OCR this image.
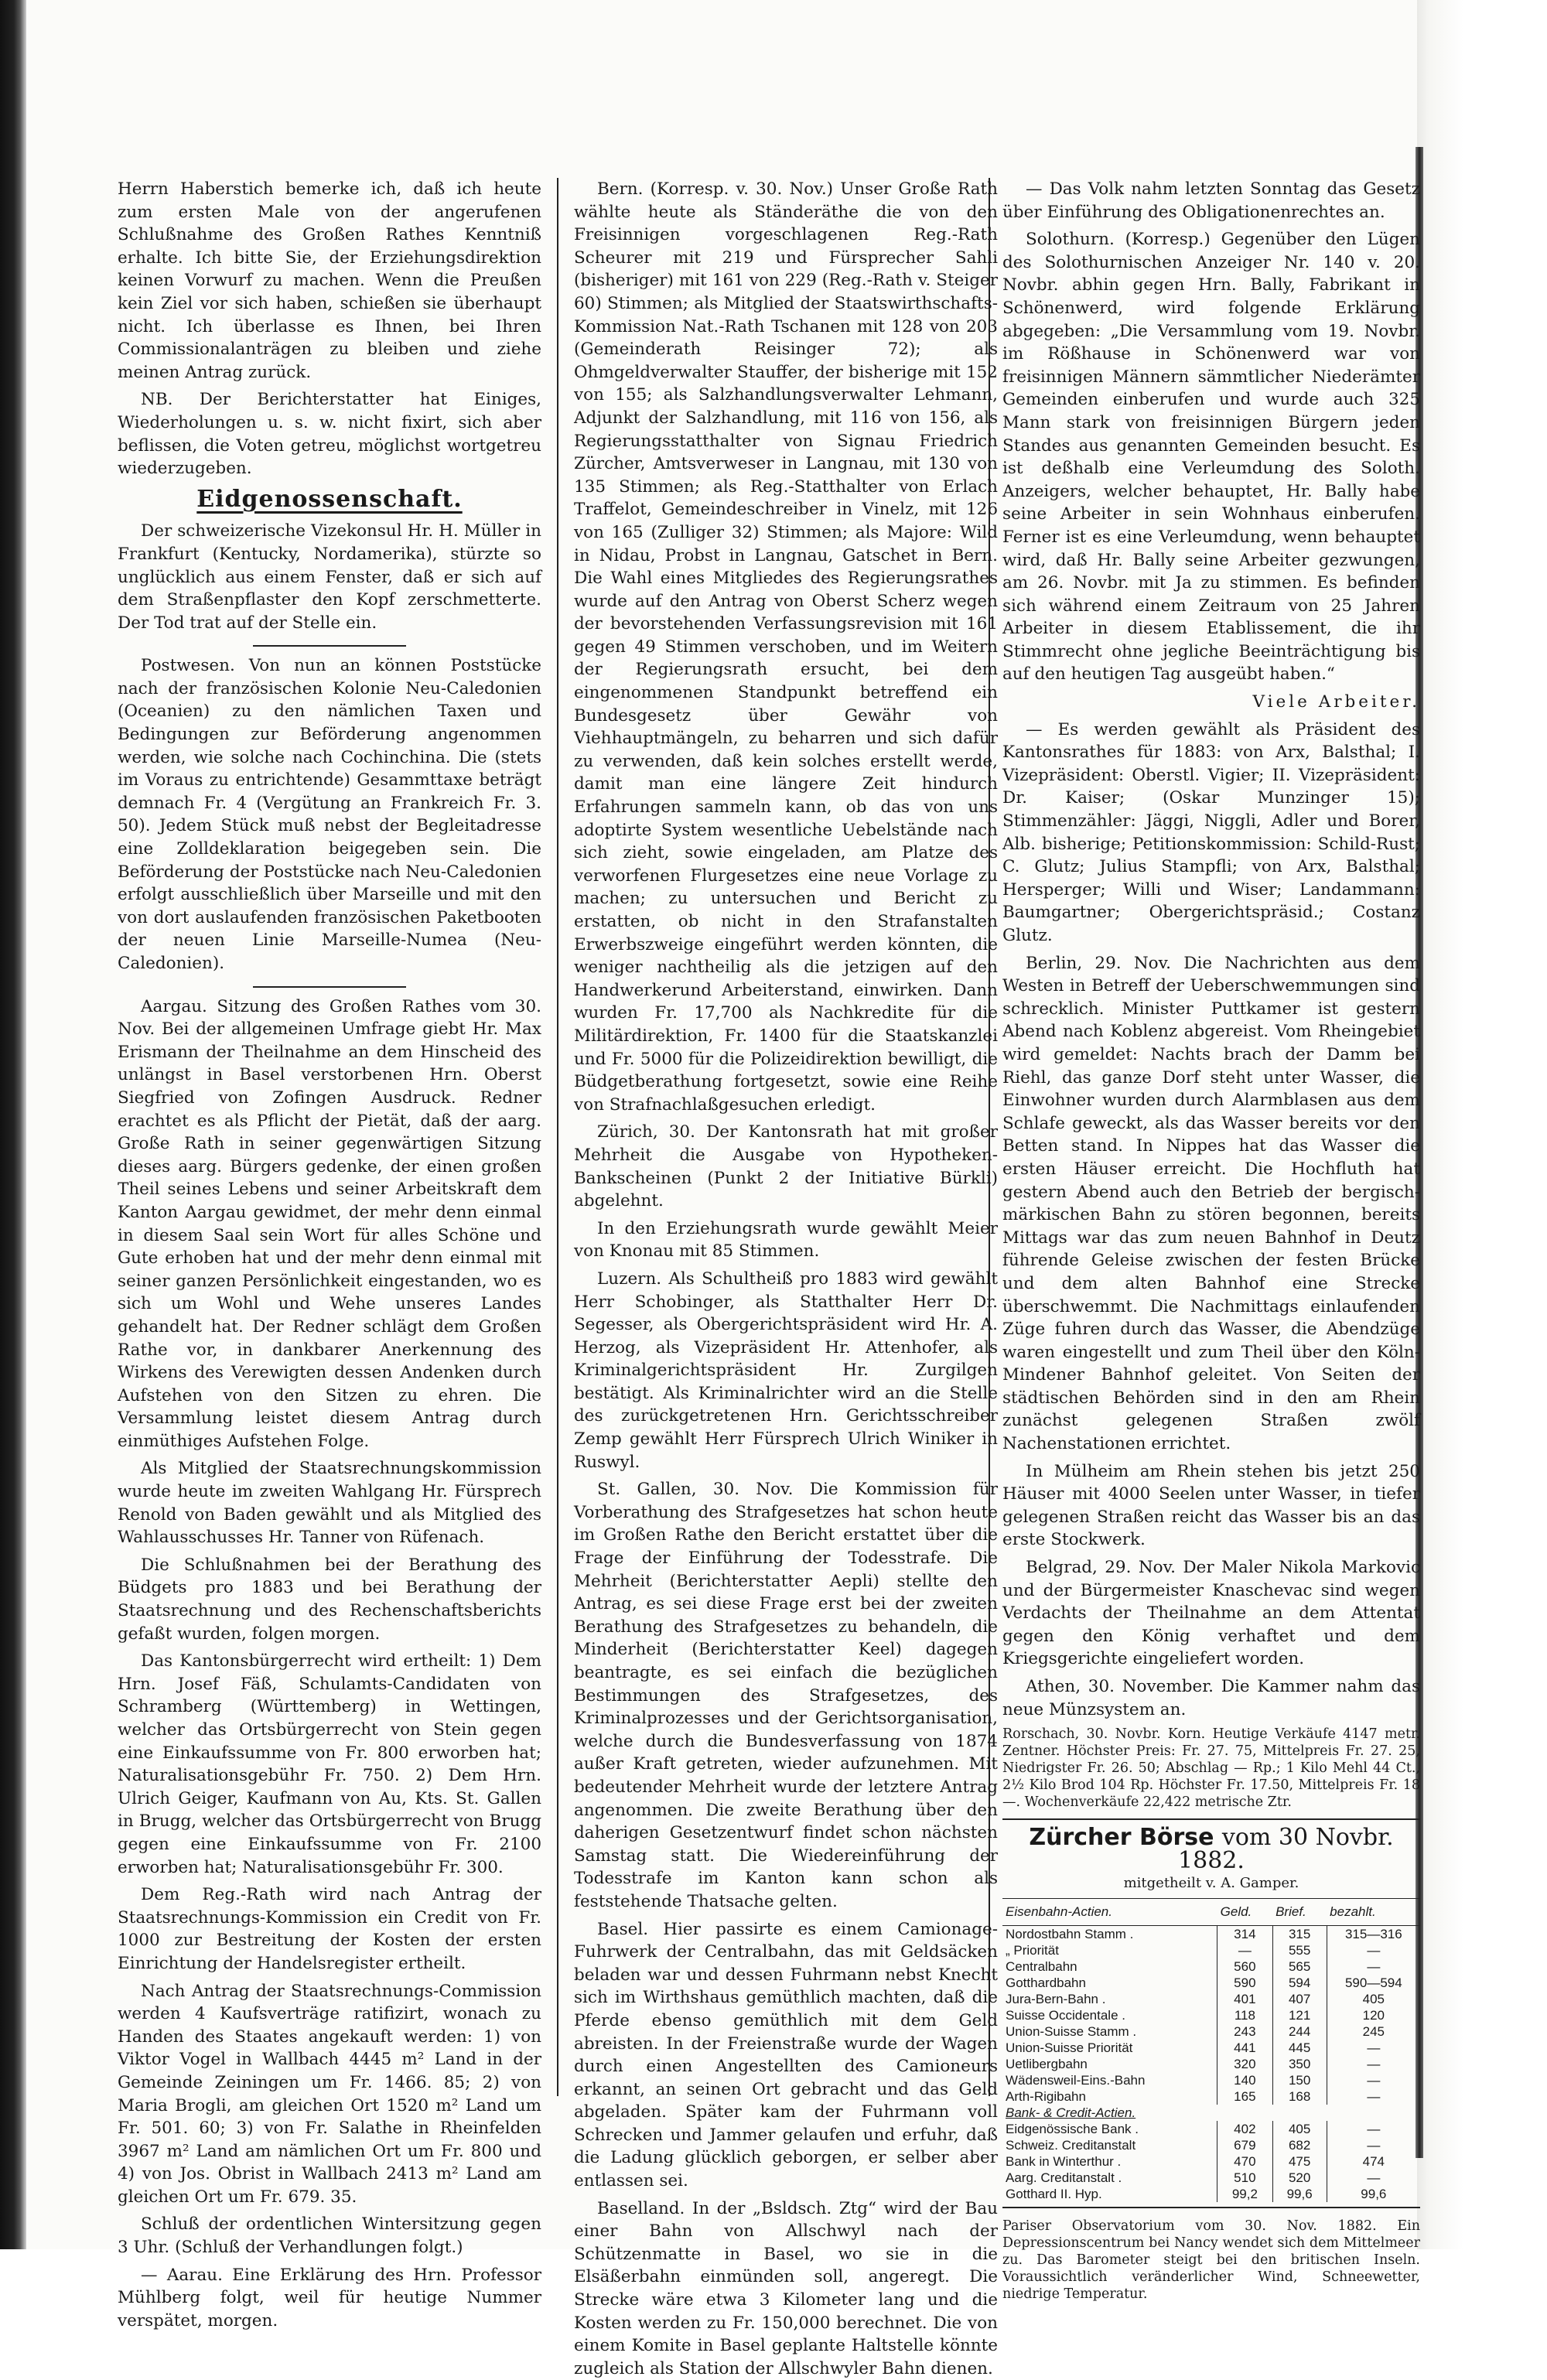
Herrn Haberstich bemerke ich, daß ich heute zum ersten Male von der angerufenen Schlußnahme des Großen Rathes Kenntniß erhalte. Ich bitte Sie, der Erziehungsdirektion keinen Vorwurf zu machen. Wenn die Preußen kein Ziel vor sich haben, schießen sie überhaupt nicht. Ich überlasse es Ihnen, bei Ihren Commissionalanträgen zu bleiben und ziehe meinen Antrag zurück.

NB. Der Berichterstatter hat Einiges, Wiederholungen u. s. w. nicht fixirt, sich aber beflissen, die Voten getreu, möglichst wortgetreu wiederzugeben.

Eidgenossenschaft.

Der schweizerische Vizekonsul Hr. H. Müller in Frankfurt (Kentucky, Nordamerika), stürzte so unglücklich aus einem Fenster, daß er sich auf dem Straßenpflaster den Kopf zerschmetterte. Der Tod trat auf der Stelle ein.

Postwesen. Von nun an können Poststücke nach der französischen Kolonie Neu-Caledonien (Oceanien) zu den nämlichen Taxen und Bedingungen zur Beförderung angenommen werden, wie solche nach Cochinchina. Die (stets im Voraus zu entrichtende) Gesammttaxe beträgt demnach Fr. 4 (Vergütung an Frankreich Fr. 3. 50). Jedem Stück muß nebst der Begleitadresse eine Zolldeklaration beigegeben sein. Die Beförderung der Poststücke nach Neu-Caledonien erfolgt ausschließlich über Marseille und mit den von dort auslaufenden französischen Paketbooten der neuen Linie Marseille-Numea (Neu-Caledonien).

Aargau. Sitzung des Großen Rathes vom 30. Nov. Bei der allgemeinen Umfrage giebt Hr. Max Erismann der Theilnahme an dem Hinscheid des unlängst in Basel verstorbenen Hrn. Oberst Siegfried von Zofingen Ausdruck. Redner erachtet es als Pflicht der Pietät, daß der aarg. Große Rath in seiner gegenwärtigen Sitzung dieses aarg. Bürgers gedenke, der einen großen Theil seines Lebens und seiner Arbeitskraft dem Kanton Aargau gewidmet, der mehr denn einmal in diesem Saal sein Wort für alles Schöne und Gute erhoben hat und der mehr denn einmal mit seiner ganzen Persönlichkeit eingestanden, wo es sich um Wohl und Wehe unseres Landes gehandelt hat. Der Redner schlägt dem Großen Rathe vor, in dankbarer Anerkennung des Wirkens des Verewigten dessen Andenken durch Aufstehen von den Sitzen zu ehren. Die Versammlung leistet diesem Antrag durch einmüthiges Aufstehen Folge.

Als Mitglied der Staatsrechnungskommission wurde heute im zweiten Wahlgang Hr. Fürsprech Renold von Baden gewählt und als Mitglied des Wahlausschusses Hr. Tanner von Rüfenach.

Die Schlußnahmen bei der Berathung des Büdgets pro 1883 und bei Berathung der Staatsrechnung und des Rechenschaftsberichts gefaßt wurden, folgen morgen.

Das Kantonsbürgerrecht wird ertheilt: 1) Dem Hrn. Josef Fäß, Schulamts-Candidaten von Schramberg (Württemberg) in Wettingen, welcher das Ortsbürgerrecht von Stein gegen eine Einkaufssumme von Fr. 800 erworben hat; Naturalisationsgebühr Fr. 750. 2) Dem Hrn. Ulrich Geiger, Kaufmann von Au, Kts. St. Gallen in Brugg, welcher das Ortsbürgerrecht von Brugg gegen eine Einkaufssumme von Fr. 2100 erworben hat; Naturalisationsgebühr Fr. 300.

Dem Reg.-Rath wird nach Antrag der Staatsrechnungs-Kommission ein Credit von Fr. 1000 zur Bestreitung der Kosten der ersten Einrichtung der Handelsregister ertheilt.

Nach Antrag der Staatsrechnungs-Commission werden 4 Kaufsverträge ratifizirt, wonach zu Handen des Staates angekauft werden: 1) von Viktor Vogel in Wallbach 4445 m² Land in der Gemeinde Zeiningen um Fr. 1466. 85; 2) von Maria Brogli, am gleichen Ort 1520 m² Land um Fr. 501. 60; 3) von Fr. Salathe in Rheinfelden 3967 m² Land am nämlichen Ort um Fr. 800 und 4) von Jos. Obrist in Wallbach 2413 m² Land am gleichen Ort um Fr. 679. 35.

Schluß der ordentlichen Wintersitzung gegen 3 Uhr. (Schluß der Verhandlungen folgt.)

— Aarau. Eine Erklärung des Hrn. Professor Mühlberg folgt, weil für heutige Nummer verspätet, morgen.

Bern. (Korresp. v. 30. Nov.) Unser Große Rath wählte heute als Ständeräthe die von den Freisinnigen vorgeschlagenen Reg.-Rath Scheurer mit 219 und Fürsprecher Sahli (bisheriger) mit 161 von 229 (Reg.-Rath v. Steiger 60) Stimmen; als Mitglied der Staatswirthschafts-Kommission Nat.-Rath Tschanen mit 128 von 203 (Gemeinderath Reisinger 72); als Ohmgeldverwalter Stauffer, der bisherige mit 152 von 155; als Salzhandlungsverwalter Lehmann, Adjunkt der Salzhandlung, mit 116 von 156, als Regierungsstatthalter von Signau Friedrich Zürcher, Amtsverweser in Langnau, mit 130 von 135 Stimmen; als Reg.-Statthalter von Erlach Traffelot, Gemeindeschreiber in Vinelz, mit 126 von 165 (Zulliger 32) Stimmen; als Majore: Wild in Nidau, Probst in Langnau, Gatschet in Bern. Die Wahl eines Mitgliedes des Regierungsrathes wurde auf den Antrag von Oberst Scherz wegen der bevorstehenden Verfassungsrevision mit 161 gegen 49 Stimmen verschoben, und im Weitern der Regierungsrath ersucht, bei dem eingenommenen Standpunkt betreffend ein Bundesgesetz über Gewähr von Viehhauptmängeln, zu beharren und sich dafür zu verwenden, daß kein solches erstellt werde, damit man eine längere Zeit hindurch Erfahrungen sammeln kann, ob das von uns adoptirte System wesentliche Uebelstände nach sich zieht, sowie eingeladen, am Platze des verworfenen Flurgesetzes eine neue Vorlage zu machen; zu untersuchen und Bericht zu erstatten, ob nicht in den Strafanstalten Erwerbszweige eingeführt werden könnten, die weniger nachtheilig als die jetzigen auf den Handwerkerund Arbeiterstand, einwirken. Dann wurden Fr. 17,700 als Nachkredite für die Militärdirektion, Fr. 1400 für die Staatskanzlei und Fr. 5000 für die Polizeidirektion bewilligt, die Büdgetberathung fortgesetzt, sowie eine Reihe von Strafnachlaßgesuchen erledigt.

Zürich, 30. Der Kantonsrath hat mit großer Mehrheit die Ausgabe von Hypotheken-Bankscheinen (Punkt 2 der Initiative Bürkli) abgelehnt.

In den Erziehungsrath wurde gewählt Meier von Knonau mit 85 Stimmen.

Luzern. Als Schultheiß pro 1883 wird gewählt Herr Schobinger, als Statthalter Herr Dr. Segesser, als Obergerichtspräsident wird Hr. A. Herzog, als Vizepräsident Hr. Attenhofer, als Kriminalgerichtspräsident Hr. Zurgilgen bestätigt. Als Kriminalrichter wird an die Stelle des zurückgetretenen Hrn. Gerichtsschreiber Zemp gewählt Herr Fürsprech Ulrich Winiker in Ruswyl.

St. Gallen, 30. Nov. Die Kommission für Vorberathung des Strafgesetzes hat schon heute im Großen Rathe den Bericht erstattet über die Frage der Einführung der Todesstrafe. Die Mehrheit (Berichterstatter Aepli) stellte den Antrag, es sei diese Frage erst bei der zweiten Berathung des Strafgesetzes zu behandeln, die Minderheit (Berichterstatter Keel) dagegen beantragte, es sei einfach die bezüglichen Bestimmungen des Strafgesetzes, des Kriminalprozesses und der Gerichtsorganisation, welche durch die Bundesverfassung von 1874 außer Kraft getreten, wieder aufzunehmen. Mit bedeutender Mehrheit wurde der letztere Antrag angenommen. Die zweite Berathung über den daherigen Gesetzentwurf findet schon nächsten Samstag statt. Die Wiedereinführung der Todesstrafe im Kanton kann schon als feststehende Thatsache gelten.

Basel. Hier passirte es einem Camionage-Fuhrwerk der Centralbahn, das mit Geldsäcken beladen war und dessen Fuhrmann nebst Knecht sich im Wirthshaus gemüthlich machten, daß die Pferde ebenso gemüthlich mit dem Geld abreisten. In der Freienstraße wurde der Wagen durch einen Angestellten des Camioneurs erkannt, an seinen Ort gebracht und das Geld abgeladen. Später kam der Fuhrmann voll Schrecken und Jammer gelaufen und erfuhr, daß die Ladung glücklich geborgen, er selber aber entlassen sei.

Baselland. In der „Bsldsch. Ztg“ wird der Bau einer Bahn von Allschwyl nach der Schützenmatte in Basel, wo sie in die Elsäßerbahn einmünden soll, angeregt. Die Strecke wäre etwa 3 Kilometer lang und die Kosten werden zu Fr. 150,000 berechnet. Die von einem Komite in Basel geplante Haltstelle könnte zugleich als Station der Allschwyler Bahn dienen.

— Das Volk nahm letzten Sonntag das Gesetz über Einführung des Obligationenrechtes an.

Solothurn. (Korresp.) Gegenüber den Lügen des Solothurnischen Anzeiger Nr. 140 v. 20. Novbr. abhin gegen Hrn. Bally, Fabrikant in Schönenwerd, wird folgende Erklärung abgegeben: „Die Versammlung vom 19. Novbr. im Rößhause in Schönenwerd war von freisinnigen Männern sämmtlicher Niederämter Gemeinden einberufen und wurde auch 325 Mann stark von freisinnigen Bürgern jeden Standes aus genannten Gemeinden besucht. Es ist deßhalb eine Verleumdung des Soloth. Anzeigers, welcher behauptet, Hr. Bally habe seine Arbeiter in sein Wohnhaus einberufen. Ferner ist es eine Verleumdung, wenn behauptet wird, daß Hr. Bally seine Arbeiter gezwungen, am 26. Novbr. mit Ja zu stimmen. Es befinden sich während einem Zeitraum von 25 Jahren Arbeiter in diesem Etablissement, die ihr Stimmrecht ohne jegliche Beeinträchtigung bis auf den heutigen Tag ausgeübt haben.“

Viele Arbeiter.

— Es werden gewählt als Präsident des Kantonsrathes für 1883: von Arx, Balsthal; I. Vizepräsident: Oberstl. Vigier; II. Vizepräsident: Dr. Kaiser; (Oskar Munzinger 15); Stimmenzähler: Jäggi, Niggli, Adler und Borer, Alb. bisherige; Petitionskommission: Schild-Rust; C. Glutz; Julius Stampfli; von Arx, Balsthal; Hersperger; Willi und Wiser; Landammann: Baumgartner; Obergerichtspräsid.; Costanz Glutz.

Berlin, 29. Nov. Die Nachrichten aus dem Westen in Betreff der Ueberschwemmungen sind schrecklich. Minister Puttkamer ist gestern Abend nach Koblenz abgereist. Vom Rheingebiet wird gemeldet: Nachts brach der Damm bei Riehl, das ganze Dorf steht unter Wasser, die Einwohner wurden durch Alarmblasen aus dem Schlafe geweckt, als das Wasser bereits vor den Betten stand. In Nippes hat das Wasser die ersten Häuser erreicht. Die Hochfluth hat gestern Abend auch den Betrieb der bergisch-märkischen Bahn zu stören begonnen, bereits Mittags war das zum neuen Bahnhof in Deutz führende Geleise zwischen der festen Brücke und dem alten Bahnhof eine Strecke überschwemmt. Die Nachmittags einlaufenden Züge fuhren durch das Wasser, die Abendzüge waren eingestellt und zum Theil über den Köln-Mindener Bahnhof geleitet. Von Seiten der städtischen Behörden sind in den am Rhein zunächst gelegenen Straßen zwölf Nachenstationen errichtet.

In Mülheim am Rhein stehen bis jetzt 250 Häuser mit 4000 Seelen unter Wasser, in tiefer gelegenen Straßen reicht das Wasser bis an das erste Stockwerk.

Belgrad, 29. Nov. Der Maler Nikola Markovic und der Bürgermeister Knaschevac sind wegen Verdachts der Theilnahme an dem Attentat gegen den König verhaftet und dem Kriegsgerichte eingeliefert worden.

Athen, 30. November. Die Kammer nahm das neue Münzsystem an.

Rorschach, 30. Novbr. Korn. Heutige Verkäufe 4147 metr. Zentner. Höchster Preis: Fr. 27. 75, Mittelpreis Fr. 27. 25, Niedrigster Fr. 26. 50; Abschlag — Rp.; 1 Kilo Mehl 44 Ct., 2½ Kilo Brod 104 Rp. Höchster Fr. 17.50, Mittelpreis Fr. 18 —. Wochenverkäufe 22,422 metrische Ztr.
Zürcher Börse vom 30 Novbr. 1882.
mitgetheilt v. A. Gamper.
Eisenbahn-Actien.	Geld.	Brief.	bezahlt.
Nordostbahn Stamm .	314	315	315—316
„ Priorität	—	555	—
Centralbahn	560	565	—
Gotthardbahn	590	594	590—594
Jura-Bern-Bahn .	401	407	405
Suisse Occidentale .	118	121	120
Union-Suisse Stamm .	243	244	245
Union-Suisse Priorität	441	445	—
Uetlibergbahn	320	350	—
Wädensweil-Eins.-Bahn	140	150	—
Arth-Rigibahn	165	168	—
Bank- & Credit-Actien.			
Eidgenössische Bank .	402	405	—
Schweiz. Creditanstalt	679	682	—
Bank in Winterthur .	470	475	474
Aarg. Creditanstalt .	510	520	—
Gotthard II. Hyp.	99,2	99,6	99,6
Pariser Observatorium vom 30. Nov. 1882. Ein Depressionscentrum bei Nancy wendet sich dem Mittelmeer zu. Das Barometer steigt bei den britischen Inseln. Voraussichtlich veränderlicher Wind, Schneewetter, niedrige Temperatur.
